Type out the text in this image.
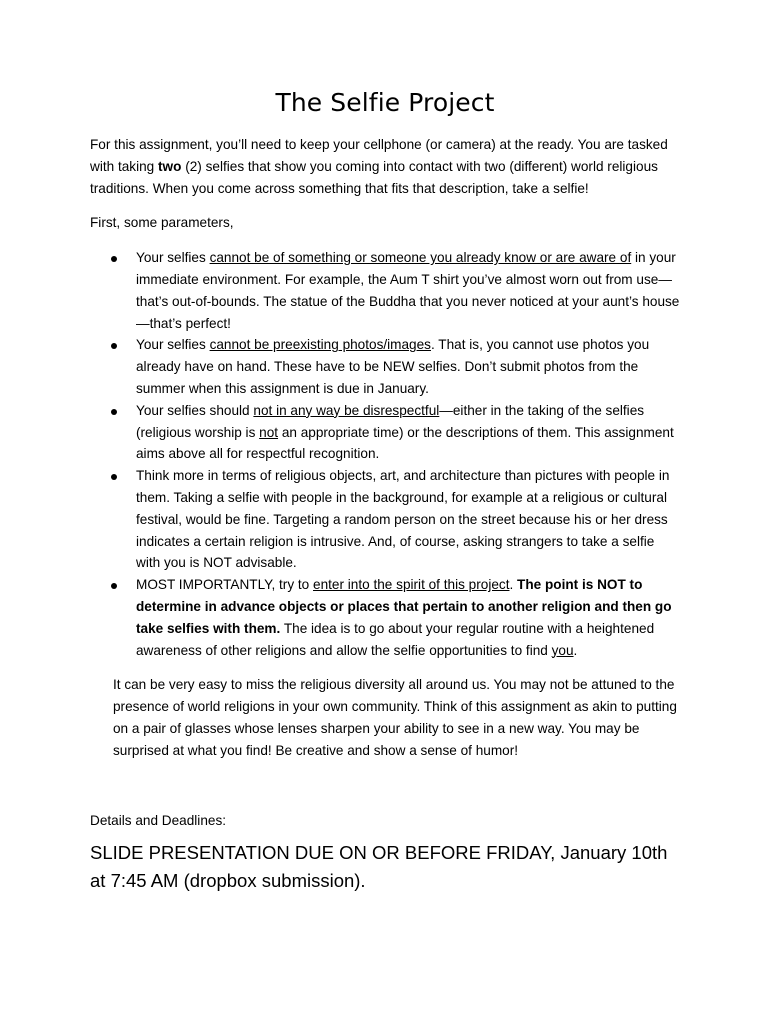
The Selfie Project

For this assignment, you’ll need to keep your cellphone (or camera) at the ready. You are tasked with taking two (2) selfies that show you coming into contact with two (different) world religious traditions. When you come across something that fits that description, take a selfie!

First, some parameters,

Your selfies cannot be of something or someone you already know or are aware of in your immediate environment. For example, the Aum T shirt you’ve almost worn out from use—that’s out-of-bounds. The statue of the Buddha that you never noticed at your aunt’s house—that’s perfect!
Your selfies cannot be preexisting photos/images. That is, you cannot use photos you already have on hand. These have to be NEW selfies. Don’t submit photos from the summer when this assignment is due in January.
Your selfies should not in any way be disrespectful—either in the taking of the selfies (religious worship is not an appropriate time) or the descriptions of them. This assignment aims above all for respectful recognition.
Think more in terms of religious objects, art, and architecture than pictures with people in them. Taking a selfie with people in the background, for example at a religious or cultural festival, would be fine. Targeting a random person on the street because his or her dress indicates a certain religion is intrusive. And, of course, asking strangers to take a selfie with you is NOT advisable.
MOST IMPORTANTLY, try to enter into the spirit of this project. The point is NOT to determine in advance objects or places that pertain to another religion and then go take selfies with them. The idea is to go about your regular routine with a heightened awareness of other religions and allow the selfie opportunities to find you.

It can be very easy to miss the religious diversity all around us. You may not be attuned to the presence of world religions in your own community. Think of this assignment as akin to putting on a pair of glasses whose lenses sharpen your ability to see in a new way. You may be surprised at what you find! Be creative and show a sense of humor!

Details and Deadlines:

SLIDE PRESENTATION DUE ON OR BEFORE FRIDAY, January 10th at 7:45 AM (dropbox submission).
